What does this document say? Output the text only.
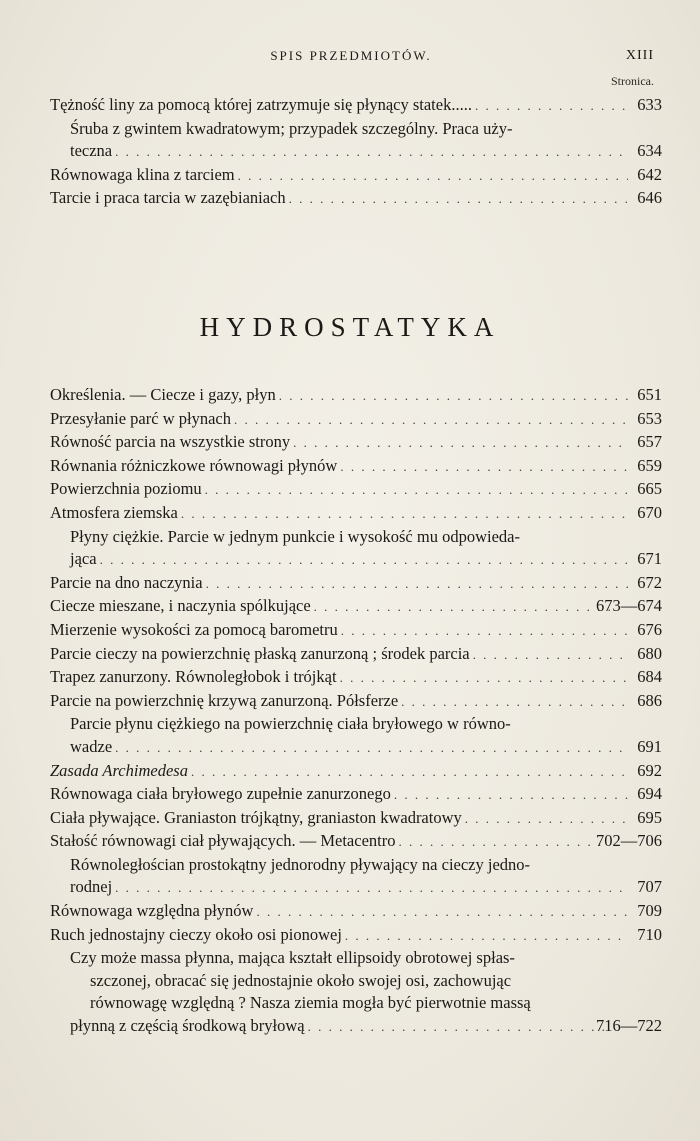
SPIS PRZEDMIOTÓW.	XIII
Stronica.
Tężność liny za pomocą której zatrzymuje się płynący statek..... . . .	633
Śruba z gwintem kwadratowym; przypadek szczególny. Praca uży-
teczna . . .	634
Równowaga klina z tarciem . . .	642
Tarcie i praca tarcia w zazębianiach . . .	646
HYDROSTATYKA
Określenia. — Ciecze i gazy, płyn . . .	651
Przesyłanie parć w płynach . . .	653
Równość parcia na wszystkie strony . . .	657
Równania różniczkowe równowagi płynów . . .	659
Powierzchnia poziomu . . .	665
Atmosfera ziemska . . .	670
Płyny ciężkie. Parcie w jednym punkcie i wysokość mu odpowieda-
jąca . . .	671
Parcie na dno naczynia . . .	672
Ciecze mieszane, i naczynia spólkujące . . .	673—674
Mierzenie wysokości za pomocą barometru . . .	676
Parcie cieczy na powierzchnię płaską zanurzoną ; środek parcia . . .	680
Trapez zanurzony. Równoległobok i trójkąt . . .	684
Parcie na powierzchnię krzywą zanurzoną. Półsferze . . .	686
Parcie płynu ciężkiego na powierzchnię ciała bryłowego w równo-
wadze . . .	691
Zasada Archimedesa . . .	692
Równowaga ciała bryłowego zupełnie zanurzonego . . .	694
Ciała pływające. Graniaston trójkątny, graniaston kwadratowy . . .	695
Stałość równowagi ciał pływających. — Metacentro . . .	702—706
Równoległościan prostokątny jednorodny pływający na cieczy jedno-
rodnej . . .	707
Równowaga względna płynów . . .	709
Ruch jednostajny cieczy około osi pionowej . . .	710
Czy może massa płynna, mająca kształt ellipsoidy obrotowej spłas-
szczonej, obracać się jednostajnie około swojej osi, zachowując
równowagę względną ? Nasza ziemia mogła być pierwotnie massą
płynną z częścią środkową bryłową . . .	716—722
